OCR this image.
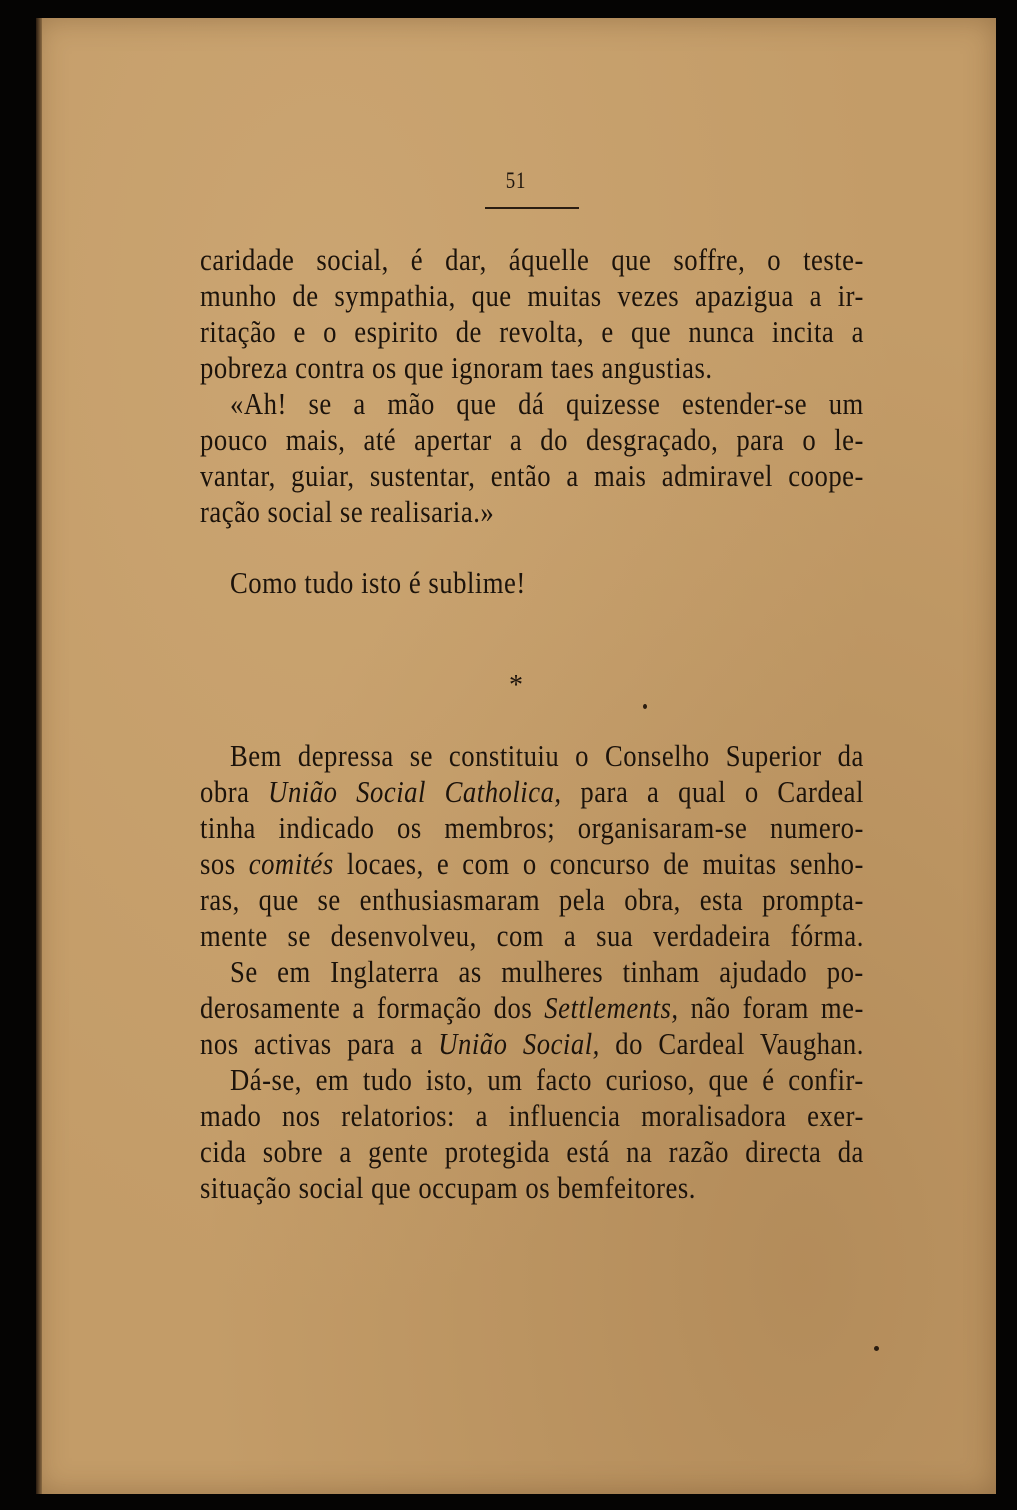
51
caridade social, é dar, áquelle que soffre, o teste-
munho de sympathia, que muitas vezes apazigua a ir-
ritação e o espirito de revolta, e que nunca incita a
pobreza contra os que ignoram taes angustias.
«Ah! se a mão que dá quizesse estender-se um
pouco mais, até apertar a do desgraçado, para o le-
vantar, guiar, sustentar, então a mais admiravel coope-
ração social se realisaria.»
Como tudo isto é sublime!
*
Bem depressa se constituiu o Conselho Superior da
obra União Social Catholica, para a qual o Cardeal
tinha indicado os membros; organisaram-se numero-
sos comités locaes, e com o concurso de muitas senho-
ras, que se enthusiasmaram pela obra, esta prompta-
mente se desenvolveu, com a sua verdadeira fórma.
Se em Inglaterra as mulheres tinham ajudado po-
derosamente a formação dos Settlements, não foram me-
nos activas para a União Social, do Cardeal Vaughan.
Dá-se, em tudo isto, um facto curioso, que é confir-
mado nos relatorios: a influencia moralisadora exer-
cida sobre a gente protegida está na razão directa da
situação social que occupam os bemfeitores.
